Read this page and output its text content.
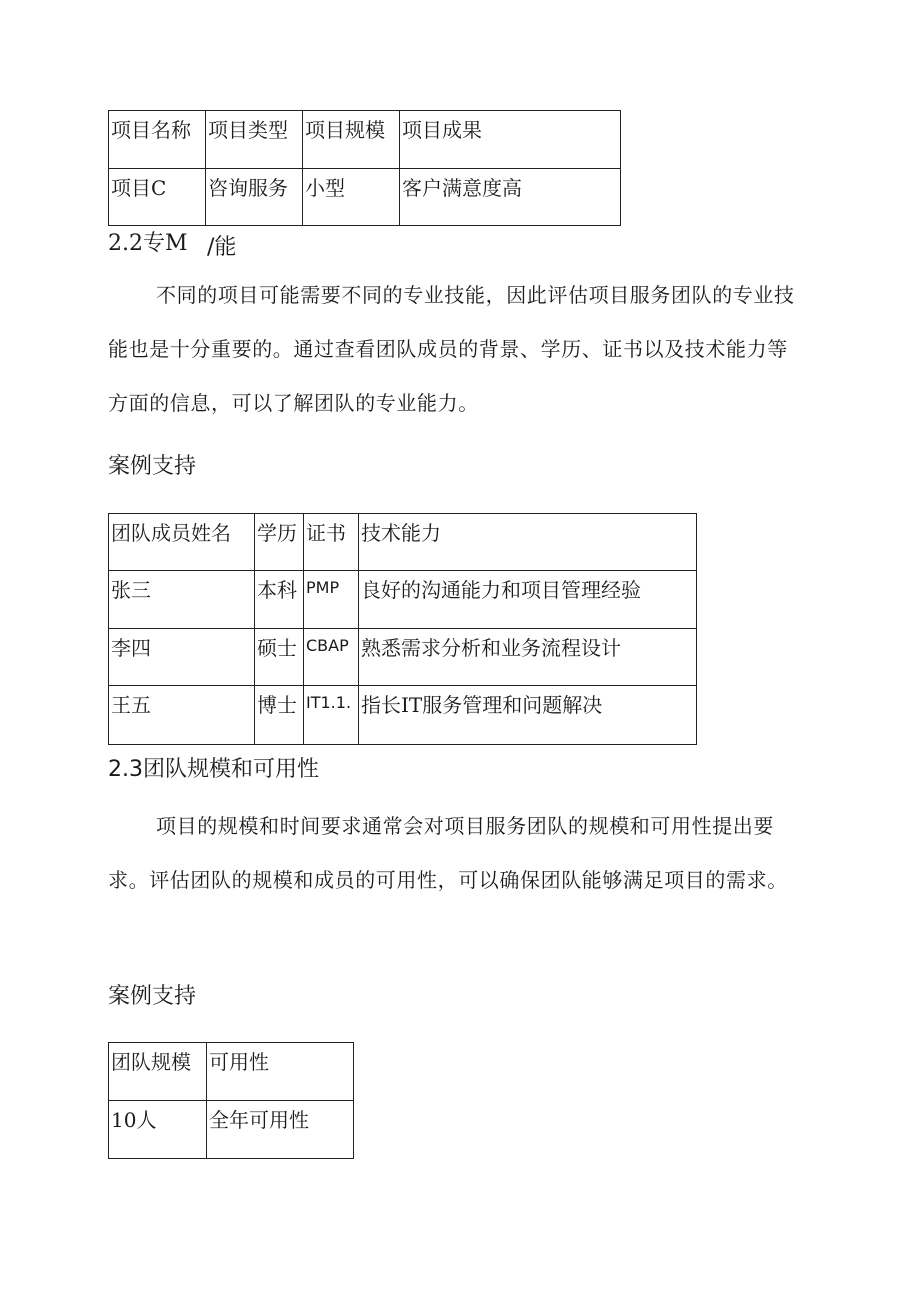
项目名称	项目类型	项目规模	项目成果
项目C	咨询服务	小型	客户满意度高
2.2专M /能

不同的项目可能需要不同的专业技能，因此评估项目服务团队的专业技能也是十分重要的。通过查看团队成员的背景、学历、证书以及技术能力等方面的信息，可以了解团队的专业能力。

案例支持
团队成员姓名	学历	证书	技术能力
张三	本科	PMP	良好的沟通能力和项目管理经验
李四	硕士	CBAP	熟悉需求分析和业务流程设计
王五	博士	IT1.1.	指长IT服务管理和问题解决
2.3团队规模和可用性

项目的规模和时间要求通常会对项目服务团队的规模和可用性提出要求。评估团队的规模和成员的可用性，可以确保团队能够满足项目的需求。

案例支持
团队规模	可用性
10人	全年可用性
